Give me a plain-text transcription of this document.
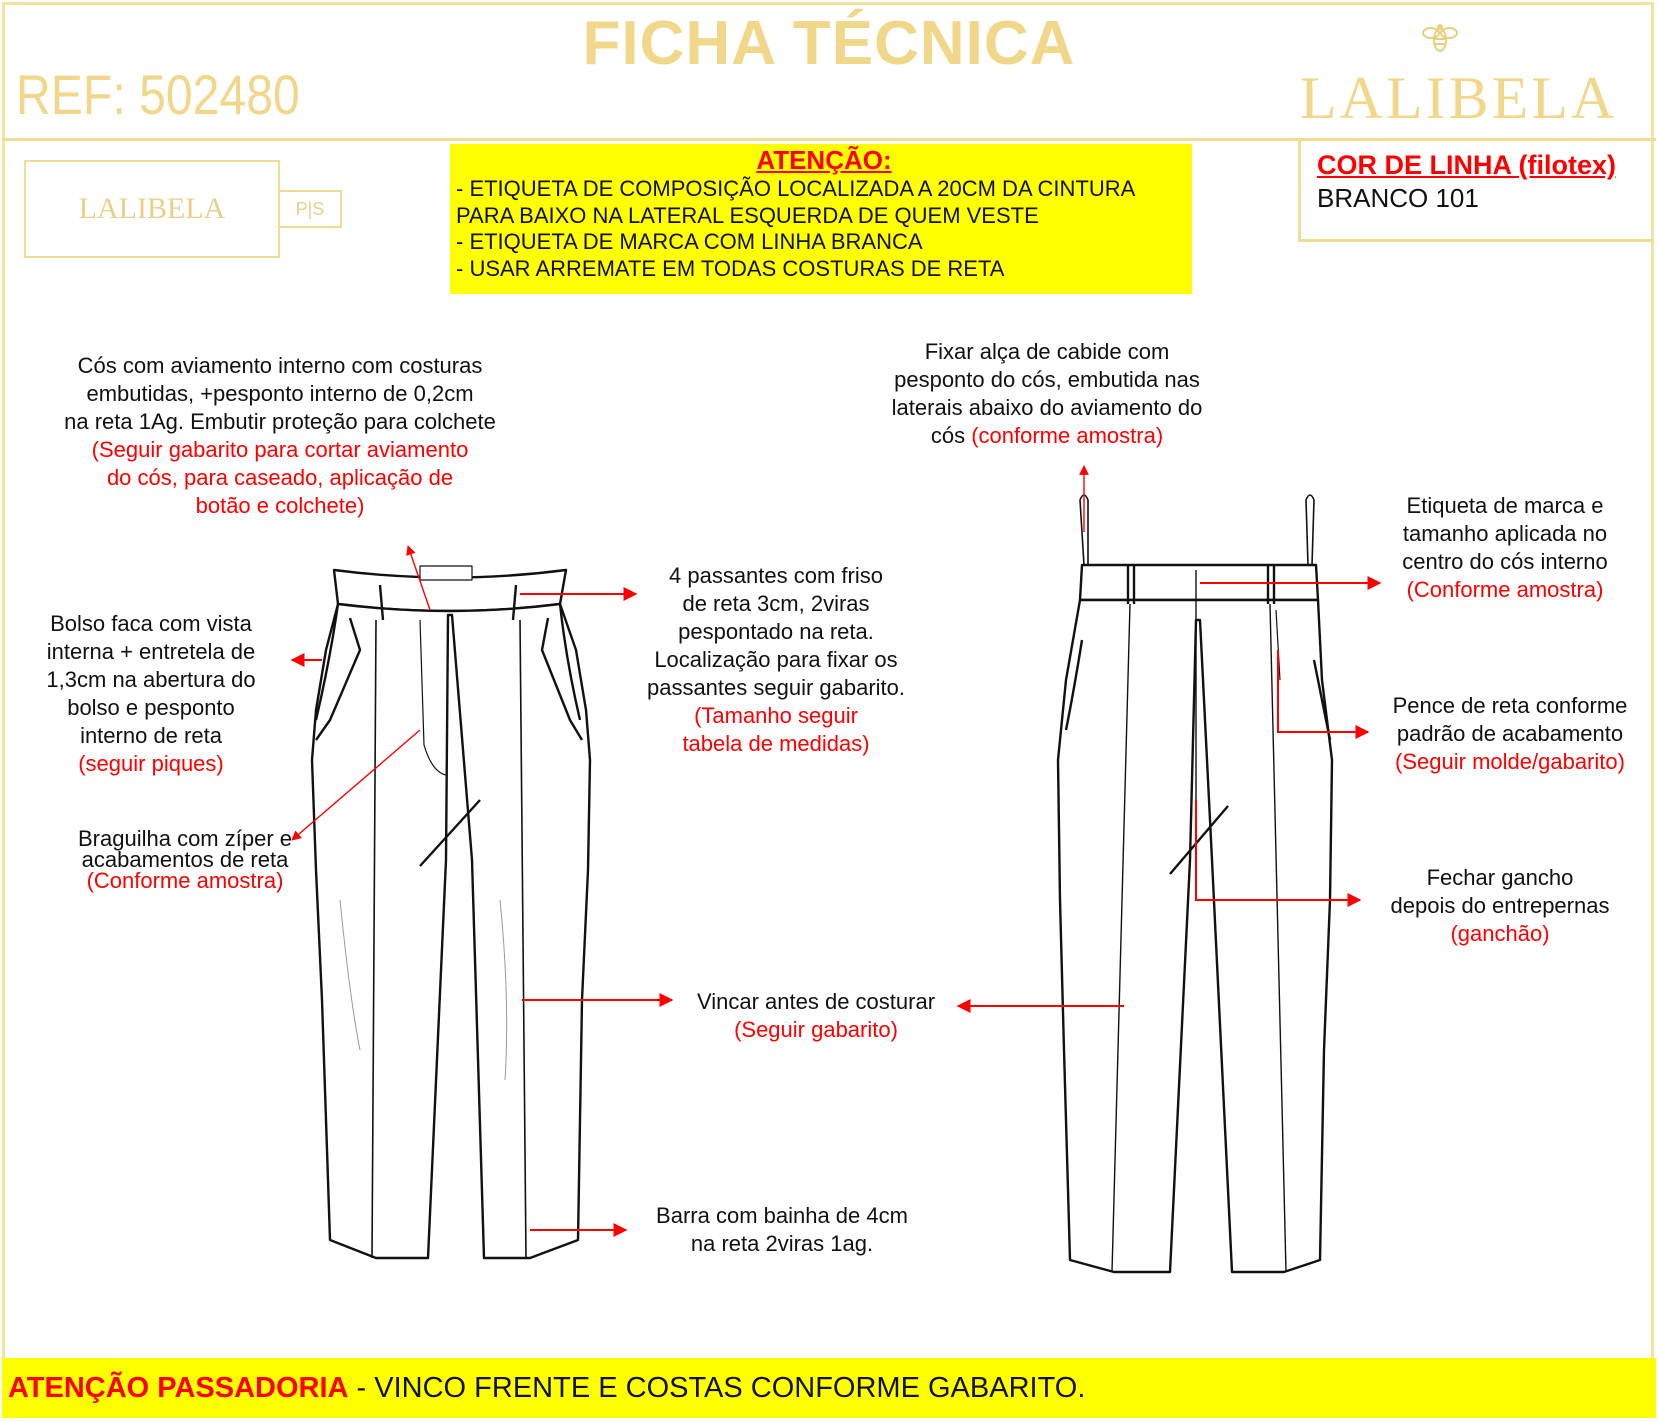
FICHA TÉCNICA
REF: 502480	LALIBELA
LALIBELA	P|S
ATENÇÃO:
- ETIQUETA DE COMPOSIÇÃO LOCALIZADA A 20CM DA CINTURA
PARA BAIXO NA LATERAL ESQUERDA DE QUEM VESTE
- ETIQUETA DE MARCA COM LINHA BRANCA
- USAR ARREMATE EM TODAS COSTURAS DE RETA
COR DE LINHA (filotex)
BRANCO 101
Cós com aviamento interno com costuras
embutidas, +pesponto interno de 0,2cm
na reta 1Ag. Embutir proteção para colchete
(Seguir gabarito para cortar aviamento
do cós, para caseado, aplicação de
botão e colchete)
Bolso faca com vista
interna + entretela de
1,3cm na abertura do
bolso e pesponto
interno de reta
(seguir piques)
Braguilha com zíper e
acabamentos de reta
(Conforme amostra)
4 passantes com friso
de reta 3cm, 2viras
pespontado na reta.
Localização para fixar os
passantes seguir gabarito.
(Tamanho seguir
tabela de medidas)
Vincar antes de costurar
(Seguir gabarito)
Barra com bainha de 4cm
na reta 2viras 1ag.
Fixar alça de cabide com
pesponto do cós, embutida nas
laterais abaixo do aviamento do
cós (conforme amostra)
Etiqueta de marca e
tamanho aplicada no
centro do cós interno
(Conforme amostra)
Pence de reta conforme
padrão de acabamento
(Seguir molde/gabarito)
Fechar gancho
depois do entrepernas
(ganchão)
ATENÇÃO PASSADORIA - VINCO FRENTE E COSTAS CONFORME GABARITO.
